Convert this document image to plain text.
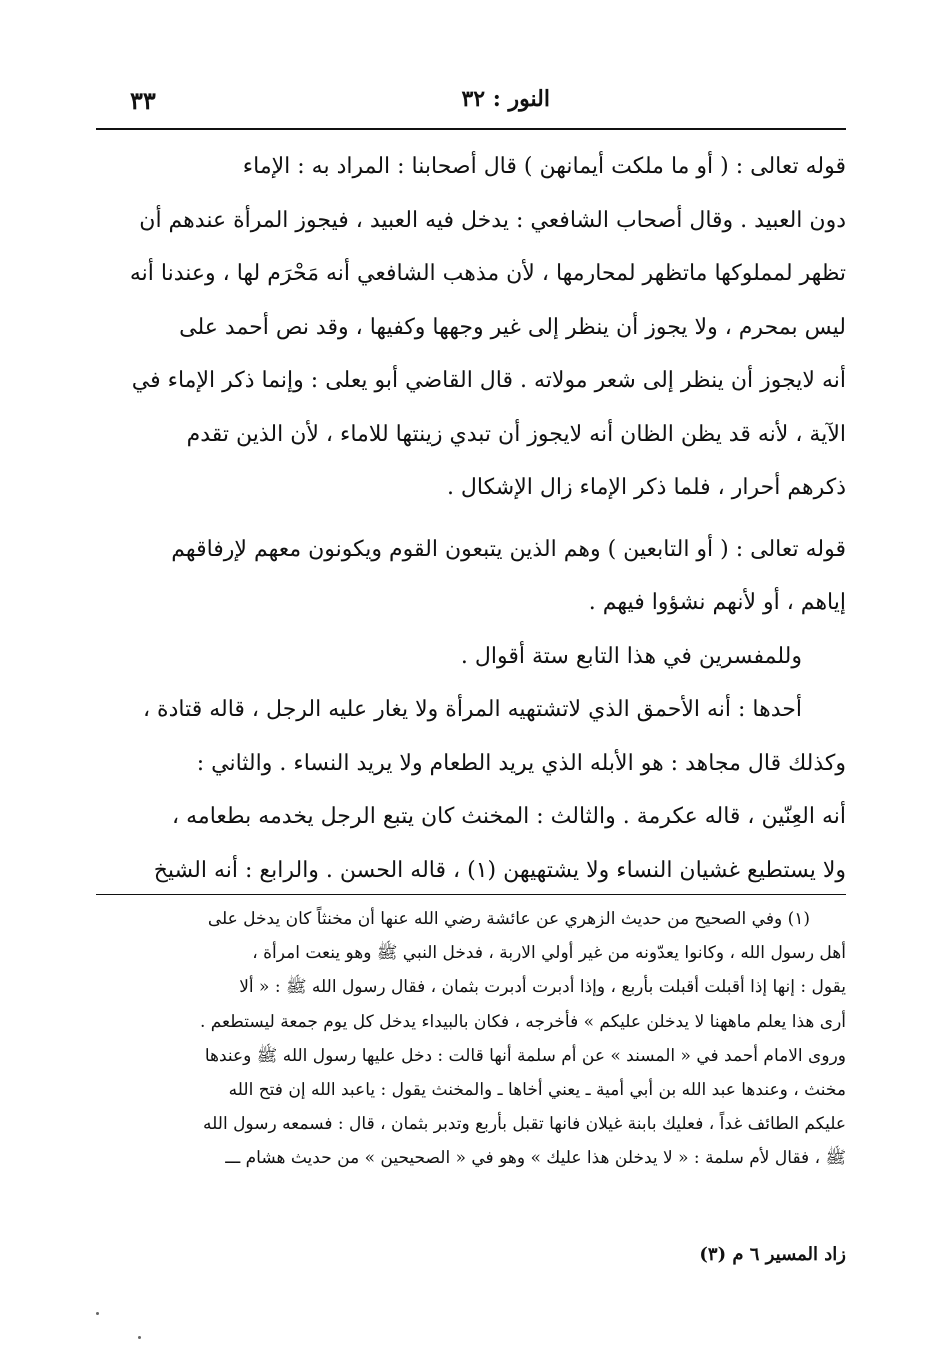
النور : ٣٢
٣٣
قوله تعالى : ( أو ما ملكت أيمانهن ) قال أصحابنا : المراد به : الإماء
دون العبيد . وقال أصحاب الشافعي : يدخل فيه العبيد ، فيجوز المرأة عندهم أن
تظهر لمملوكها ماتظهر لمحارمها ، لأن مذهب الشافعي أنه مَحْرَم لها ، وعندنا أنه
ليس بمحرم ، ولا يجوز أن ينظر إلى غير وجهها وكفيها ، وقد نص أحمد على
أنه لايجوز أن ينظر إلى شعر مولاته . قال القاضي أبو يعلى : وإنما ذكر الإماء في
الآية ، لأنه قد يظن الظان أنه لايجوز أن تبدي زينتها للاماء ، لأن الذين تقدم
ذكرهم أحرار ، فلما ذكر الإماء زال الإشكال .
قوله تعالى : ( أو التابعين ) وهم الذين يتبعون القوم ويكونون معهم لإرفاقهم
إياهم ، أو لأنهم نشؤوا فيهم .
وللمفسرين في هذا التابع ستة أقوال .
أحدها : أنه الأحمق الذي لاتشتهيه المرأة ولا يغار عليه الرجل ، قاله قتادة ،
وكذلك قال مجاهد : هو الأبله الذي يريد الطعام ولا يريد النساء . والثاني :
أنه العِنّين ، قاله عكرمة . والثالث : المخنث كان يتبع الرجل يخدمه بطعامه ،
ولا يستطيع غشيان النساء ولا يشتهيهن (١) ، قاله الحسن . والرابع : أنه الشيخ
(١) وفي الصحيح من حديث الزهري عن عائشة رضي الله عنها أن مخنثاً كان يدخل على
أهل رسول الله ، وكانوا يعدّونه من غير أولي الاربة ، فدخل النبي ﷺ وهو ينعت امرأة ،
يقول : إنها إذا أقبلت أقبلت بأربع ، وإذا أدبرت أدبرت بثمان ، فقال رسول الله ﷺ : « ألا
أرى هذا يعلم ماههنا لا يدخلن عليكم » فأخرجه ، فكان بالبيداء يدخل كل يوم جمعة ليستطعم .
وروى الامام أحمد في « المسند » عن أم سلمة أنها قالت : دخل عليها رسول الله ﷺ وعندها
مخنث ، وعندها عبد الله بن أبي أمية ـ يعني أخاها ـ والمخنث يقول : ياعبد الله إن فتح الله
عليكم الطائف غداً ، فعليك بابنة غيلان فانها تقبل بأربع وتدبر بثمان ، قال : فسمعه رسول الله
ﷺ ، فقال لأم سلمة : « لا يدخلن هذا عليك » وهو في « الصحيحين » من حديث هشام ـــ
زاد المسير ٦ م (٣)
